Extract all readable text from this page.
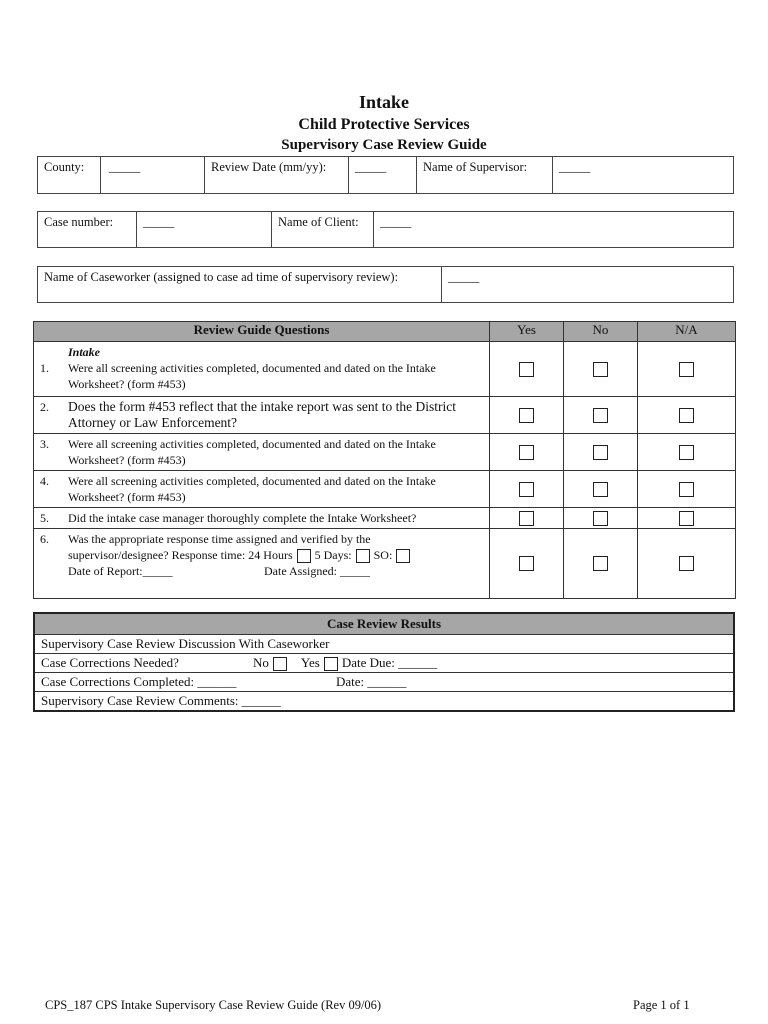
Intake
Child Protective Services
Supervisory Case Review Guide
County:	_____	Review Date (mm/yy):	_____	Name of Supervisor:	_____
Case number:	_____	Name of Client:	_____
Name of Caseworker (assigned to case ad time of supervisory review):	_____
Review Guide Questions	Yes	No	N/A

Intake
1. Were all screening activities completed, documented and dated on the Intake Worksheet? (form #453)			

2. Does the form #453 reflect that the intake report was sent to the District Attorney or Law Enforcement?			

3. Were all screening activities completed, documented and dated on the Intake Worksheet? (form #453)			

4. Were all screening activities completed, documented and dated on the Intake Worksheet? (form #453)			

5. Did the intake case manager thoroughly complete the Intake Worksheet?			

6. Was the appropriate response time assigned and verified by the
supervisor/designee? Response time: 24 Hours 5 Days: SO:
Date of Report:_____ Date Assigned: _____			

Case Review Results
Supervisory Case Review Discussion With Caseworker
Case Corrections Needed?	No Yes Date Due: ______
Case Corrections Completed: ______	Date: ______
Supervisory Case Review Comments: ______
CPS_187 CPS Intake Supervisory Case Review Guide (Rev 09/06)	Page 1 of 1
